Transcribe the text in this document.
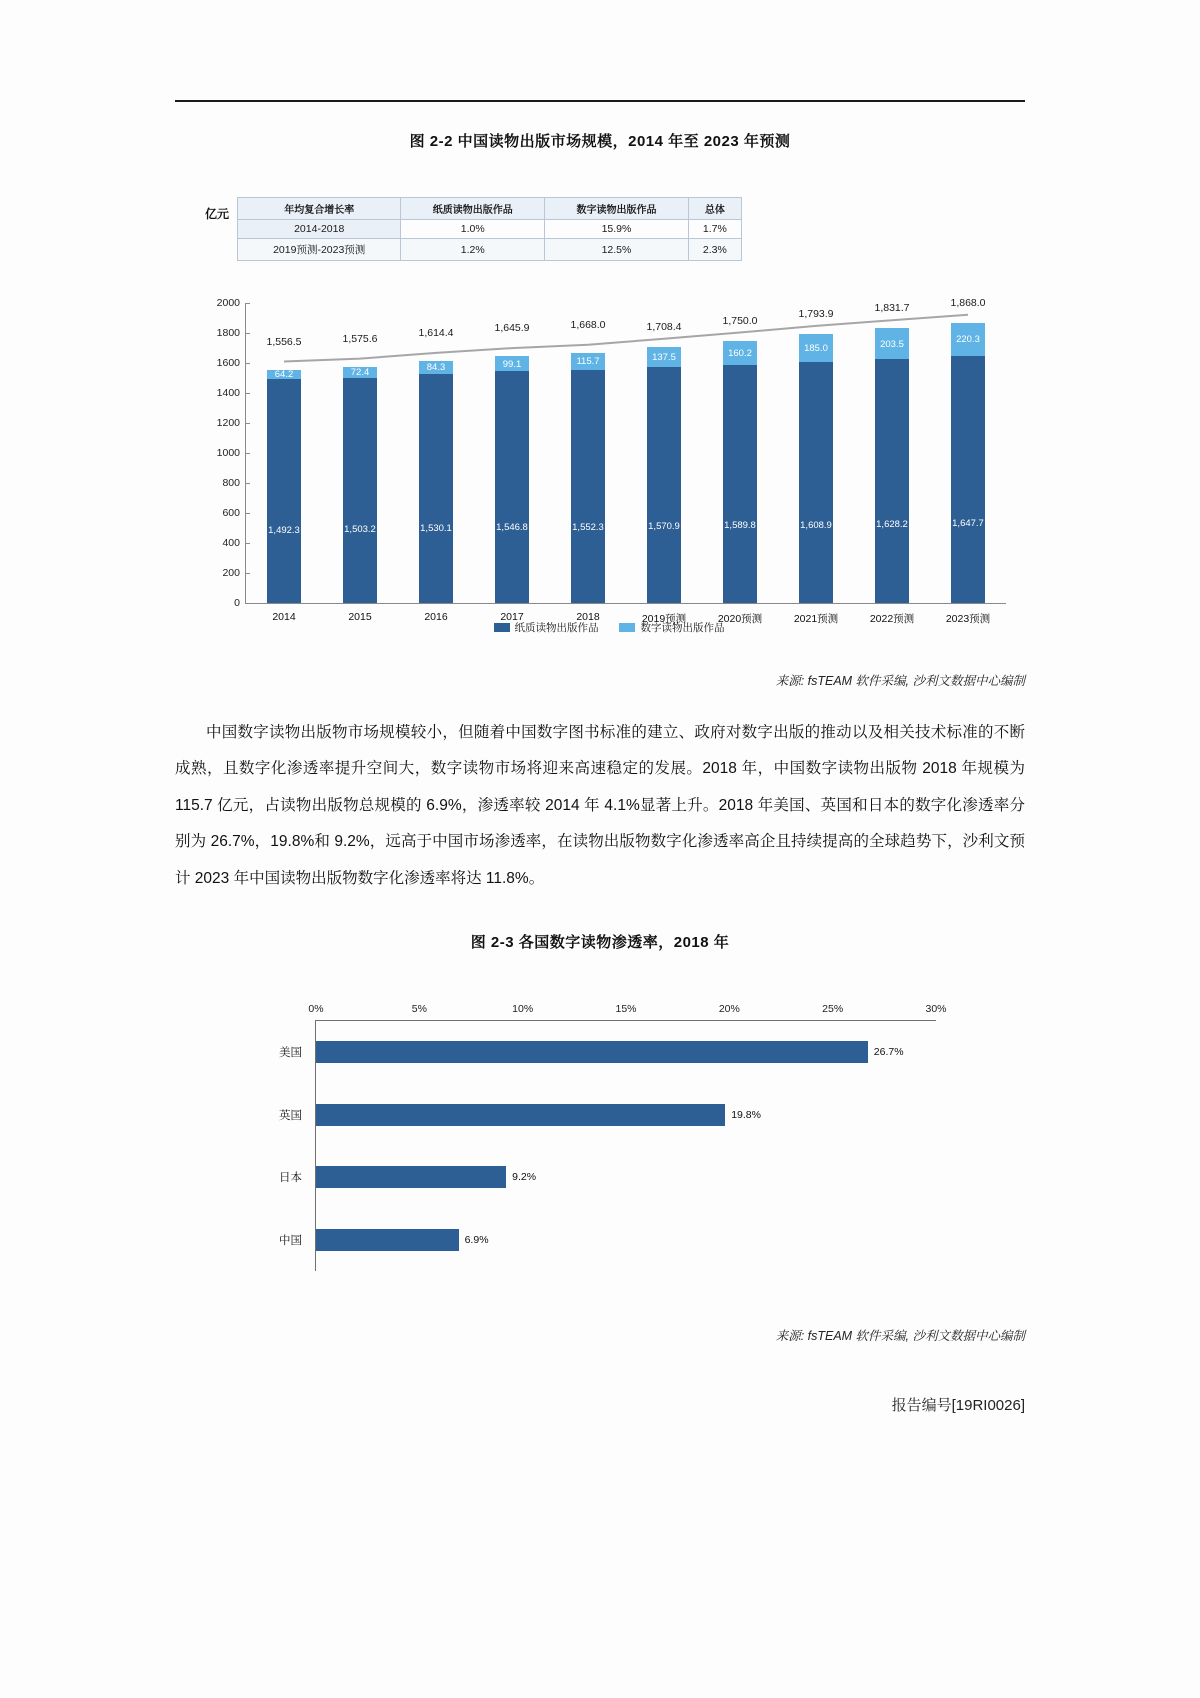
图 2-2 中国读物出版市场规模，2014 年至 2023 年预测
亿元	年均复合增长率	纸质读物出版作品	数字读物出版作品	总体
2014-2018	1.0%	15.9%	1.7%
2019预测-2023预测	1.2%	12.5%	2.3%
0
200
400
600
800
1000
1200
1400
1600
1800
2000
1,492.3
64.2
1,556.5
2014
1,503.2
72.4
1,575.6
2015
1,530.1
84.3
1,614.4
2016
1,546.8
99.1
1,645.9
2017
1,552.3
115.7
1,668.0
2018
1,570.9
137.5
1,708.4
2019预测
1,589.8
160.2
1,750.0
2020预测
1,608.9
185.0
1,793.9
2021预测
1,628.2
203.5
1,831.7
2022预测
1,647.7
220.3
1,868.0
2023预测
纸质读物出版作品	数字读物出版作品
来源: fsTEAM 软件采编, 沙利文数据中心编制

中国数字读物出版物市场规模较小，但随着中国数字图书标准的建立、政府对数字出版的推动以及相关技术标准的不断成熟，且数字化渗透率提升空间大，数字读物市场将迎来高速稳定的发展。2018 年，中国数字读物出版物 2018 年规模为 115.7 亿元，占读物出版物总规模的 6.9%，渗透率较 2014 年 4.1%显著上升。2018 年美国、英国和日本的数字化渗透率分别为 26.7%，19.8%和 9.2%，远高于中国市场渗透率，在读物出版物数字化渗透率高企且持续提高的全球趋势下，沙利文预计 2023 年中国读物出版物数字化渗透率将达 11.8%。

图 2-3 各国数字读物渗透率，2018 年
0%	5%	10%	15%	20%	25%	30%
美国	26.7%
英国	19.8%
日本	9.2%
中国	6.9%
来源: fsTEAM 软件采编, 沙利文数据中心编制
报告编号[19RI0026]
